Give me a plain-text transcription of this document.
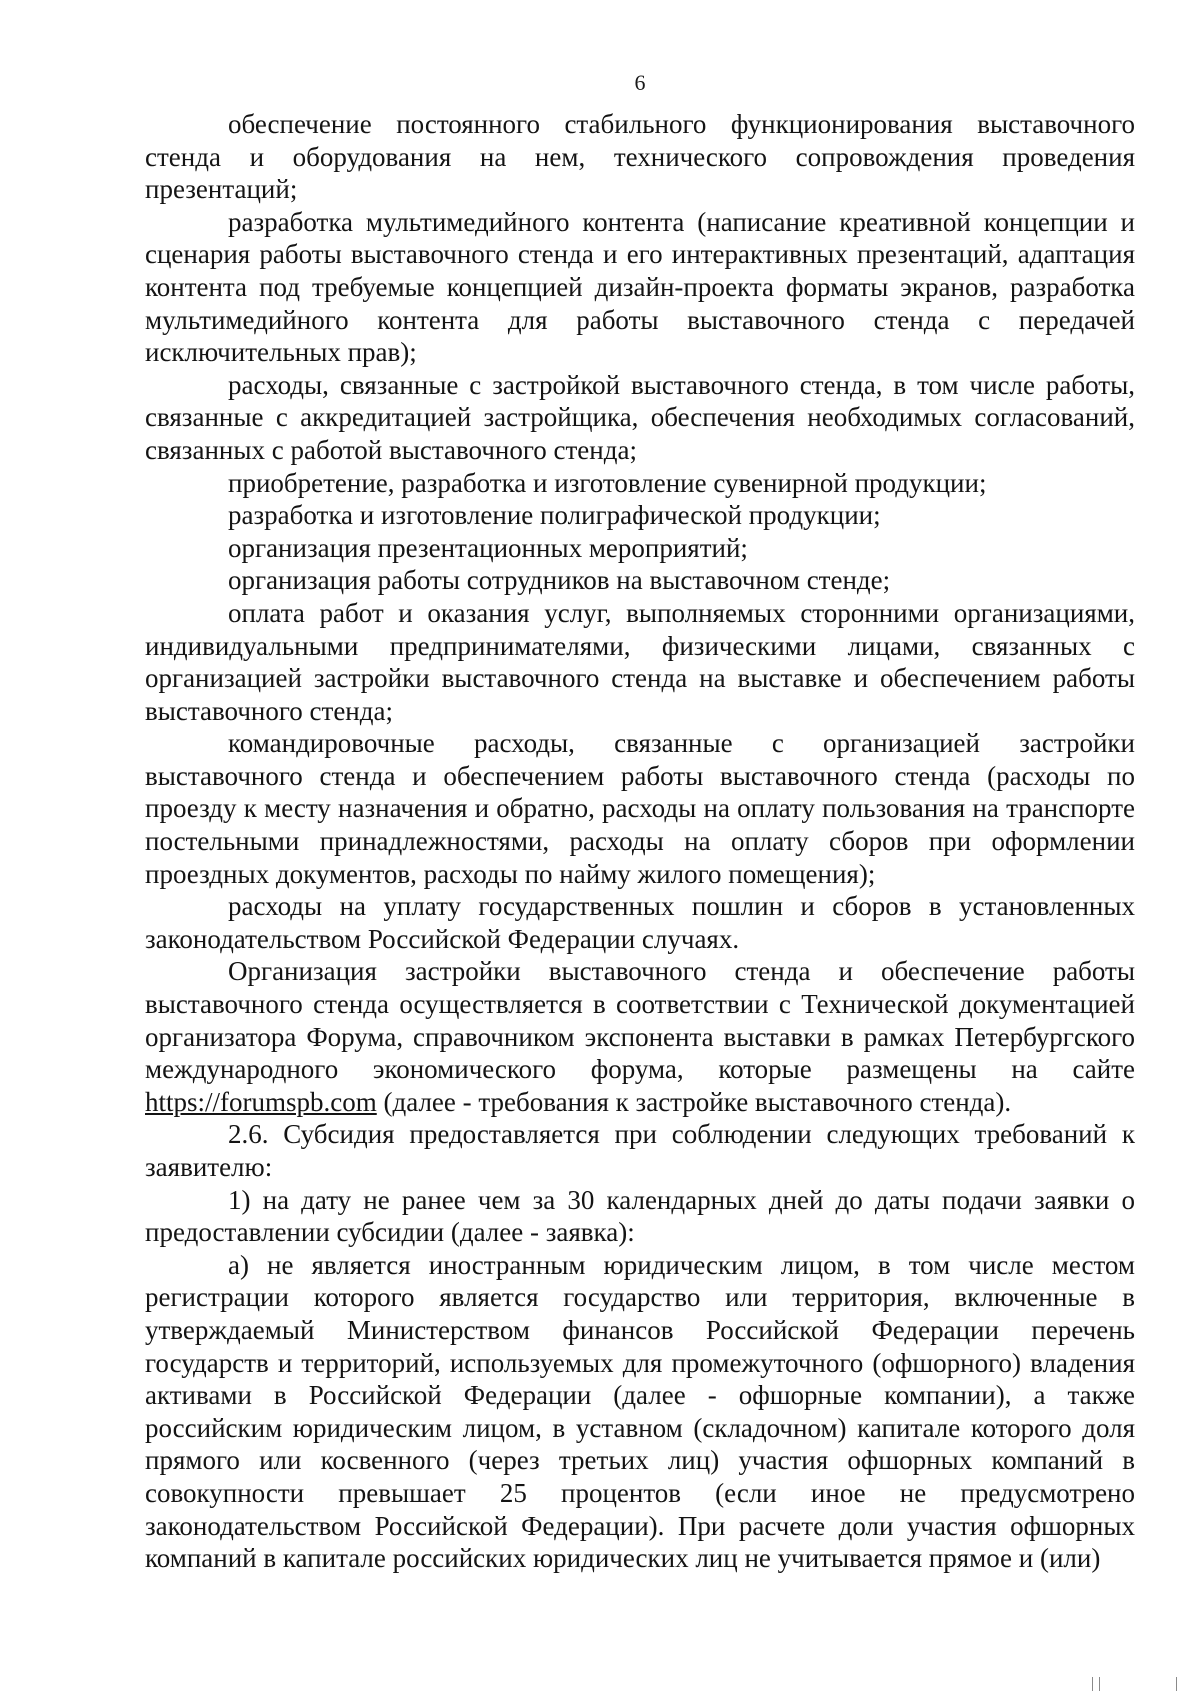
6

обеспечение постоянного стабильного функционирования выставочного стенда и оборудования на нем, технического сопровождения проведения презентаций;

разработка мультимедийного контента (написание креативной концепции и сценария работы выставочного стенда и его интерактивных презентаций, адаптация контента под требуемые концепцией дизайн-проекта форматы экранов, разработка мультимедийного контента для работы выставочного стенда с передачей исключительных прав);

расходы, связанные с застройкой выставочного стенда, в том числе работы, связанные с аккредитацией застройщика, обеспечения необходимых согласований, связанных с работой выставочного стенда;

приобретение, разработка и изготовление сувенирной продукции;

разработка и изготовление полиграфической продукции;

организация презентационных мероприятий;

организация работы сотрудников на выставочном стенде;

оплата работ и оказания услуг, выполняемых сторонними организациями, индивидуальными предпринимателями, физическими лицами, связанных с организацией застройки выставочного стенда на выставке и обеспечением работы выставочного стенда;

командировочные расходы, связанные с организацией застройки выставочного стенда и обеспечением работы выставочного стенда (расходы по проезду к месту назначения и обратно, расходы на оплату пользования на транспорте постельными принадлежностями, расходы на оплату сборов при оформлении проездных документов, расходы по найму жилого помещения);

расходы на уплату государственных пошлин и сборов в установленных законодательством Российской Федерации случаях.

Организация застройки выставочного стенда и обеспечение работы выставочного стенда осуществляется в соответствии с Технической документацией организатора Форума, справочником экспонента выставки в рамках Петербургского международного экономического форума, которые размещены на сайте https://forumspb.com (далее - требования к застройке выставочного стенда).

2.6. Субсидия предоставляется при соблюдении следующих требований к заявителю:

1) на дату не ранее чем за 30 календарных дней до даты подачи заявки о предоставлении субсидии (далее - заявка):

а) не является иностранным юридическим лицом, в том числе местом регистрации которого является государство или территория, включенные в утверждаемый Министерством финансов Российской Федерации перечень государств и территорий, используемых для промежуточного (офшорного) владения активами в Российской Федерации (далее - офшорные компании), а также российским юридическим лицом, в уставном (складочном) капитале которого доля прямого или косвенного (через третьих лиц) участия офшорных компаний в совокупности превышает 25 процентов (если иное не предусмотрено законодательством Российской Федерации). При расчете доли участия офшорных компаний в капитале российских юридических лиц не учитывается прямое и (или)
